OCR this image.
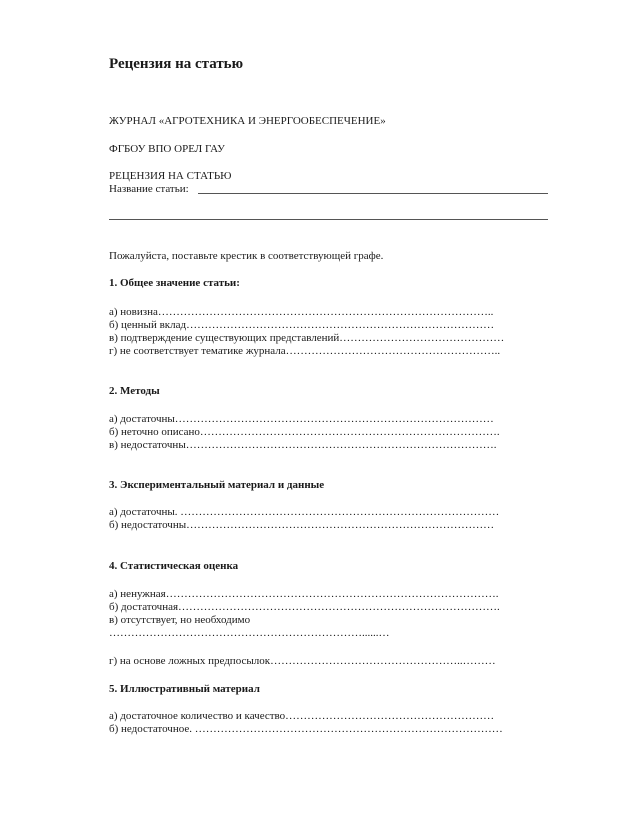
Рецензия на статью
ЖУРНАЛ «АГРОТЕХНИКА И ЭНЕРГООБЕСПЕЧЕНИЕ»
ФГБОУ ВПО ОРЕЛ ГАУ
РЕЦЕНЗИЯ НА СТАТЬЮ
Название статьи:
Пожалуйста, поставьте крестик в соответствующей графе.
1. Общее значение статьи:
а) новизна………………………………………………………………………………..
б) ценный вклад…………………………………………………………………………
в) подтверждение существующих представлений………………………………………
г) не соответствует тематике журнала…………………………………………………..
2. Методы
а) достаточны……………………………………………………………………………
б) неточно описано……………………………………………………………………….
в) недостаточны………………………………………………………………………….
3. Экспериментальный материал и данные
а) достаточны. ……………………………………………………………………………
б) недостаточны…………………………………………………………………………
4. Статистическая оценка
а) ненужная……………………………………………………………………………….
б) достаточная…………………………………………………………………………….
в) отсутствует, но необходимо
……………………………………………………………......…
г) на основе ложных предпосылок……………………………………………..………
5. Иллюстративный материал
а) достаточное количество и качество…………………………………………………
б) недостаточное. …………………………………………………………………………
